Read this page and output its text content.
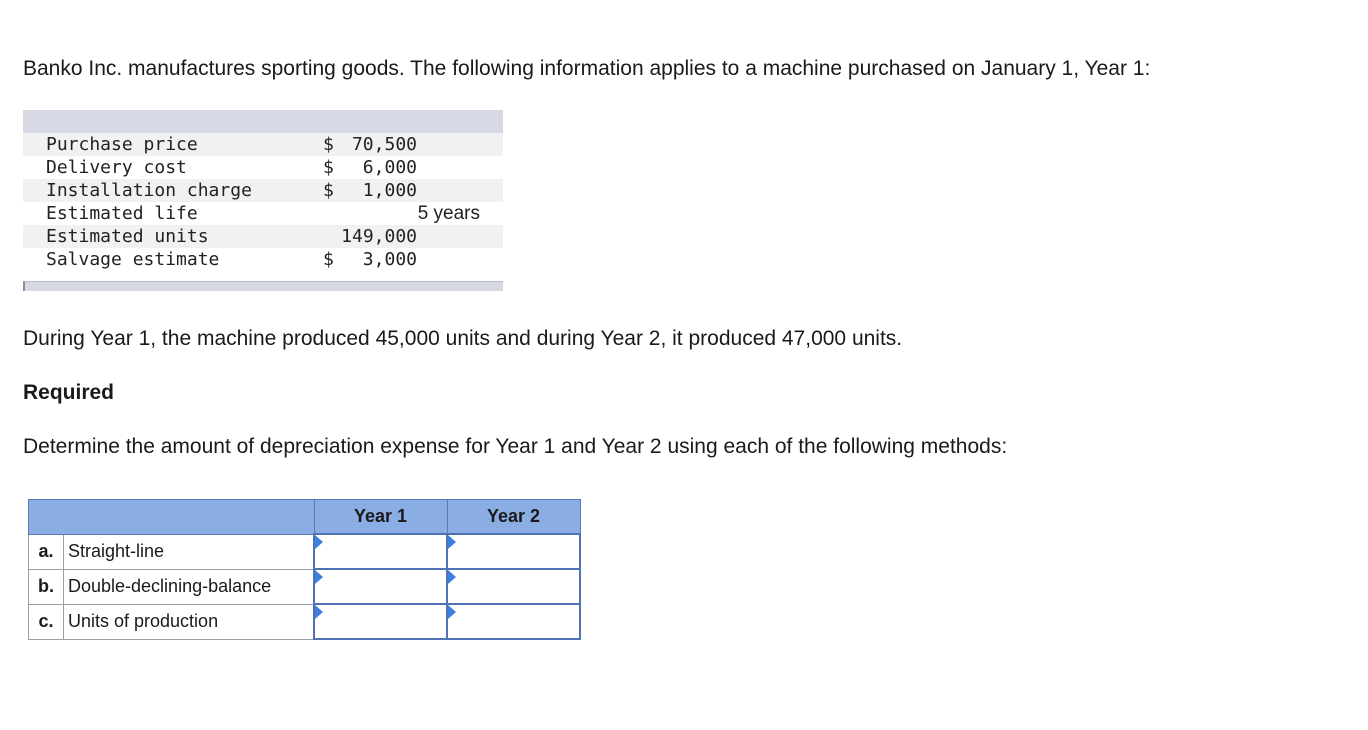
Banko Inc. manufactures sporting goods. The following information applies to a machine purchased on January 1, Year 1:
Purchase price	$ 70,500
Delivery cost	$ 6,000
Installation charge	$ 1,000
Estimated life	5 years
Estimated units	149,000
Salvage estimate	$ 3,000
During Year 1, the machine produced 45,000 units and during Year 2, it produced 47,000 units.
Required
Determine the amount of depreciation expense for Year 1 and Year 2 using each of the following methods:
		Year 1	Year 2
a.	Straight-line	

b.	Double-declining-balance	

c.	Units of production	
